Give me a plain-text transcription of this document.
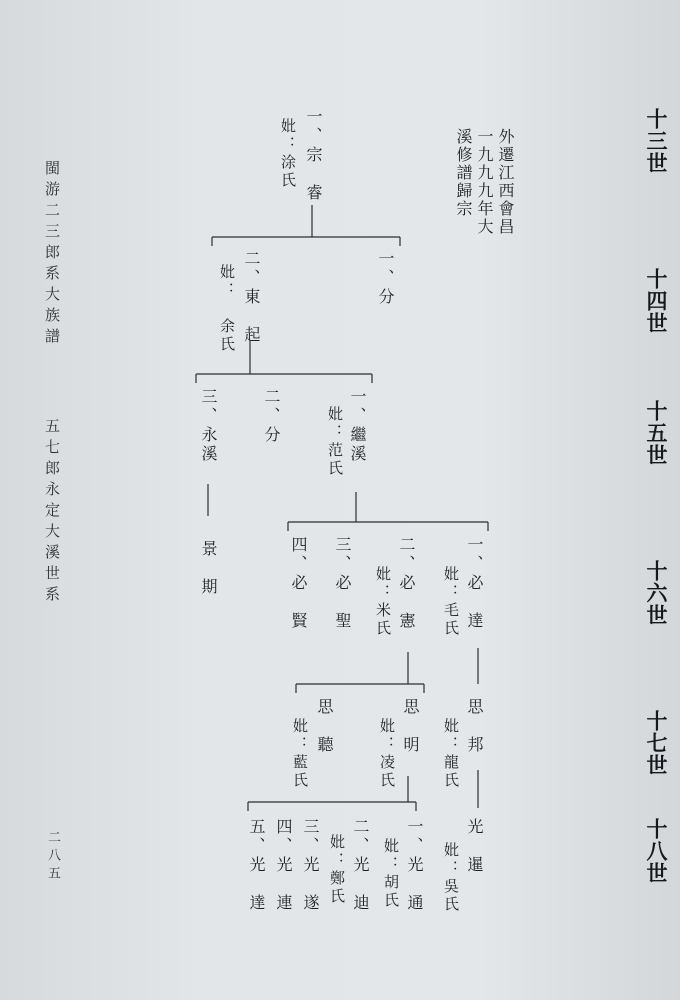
十三世
十四世
十五世
十六世
十七世
十八世
閩游二三郎系大族譜
五七郎永定大溪世系
二八五
外遷江西會昌
一九九九年大
溪修譜歸宗
一、宗　睿
妣：涂氏
一、分
二、東　起
妣：　余氏
一、繼溪
妣：范氏
二、分
三、永溪
景　期	一、必　達
妣：毛氏
二、必　憲
妣：米氏
三、必　聖
四、必　賢
思　邦
妣：龍氏
思　明
妣：凌氏
思　聽
妣：藍氏
光　暹
妣：吳氏
一、光　通
妣：胡氏
二、光　迪
妣：鄭氏
三、光　遂
四、光　連
五、光　達
